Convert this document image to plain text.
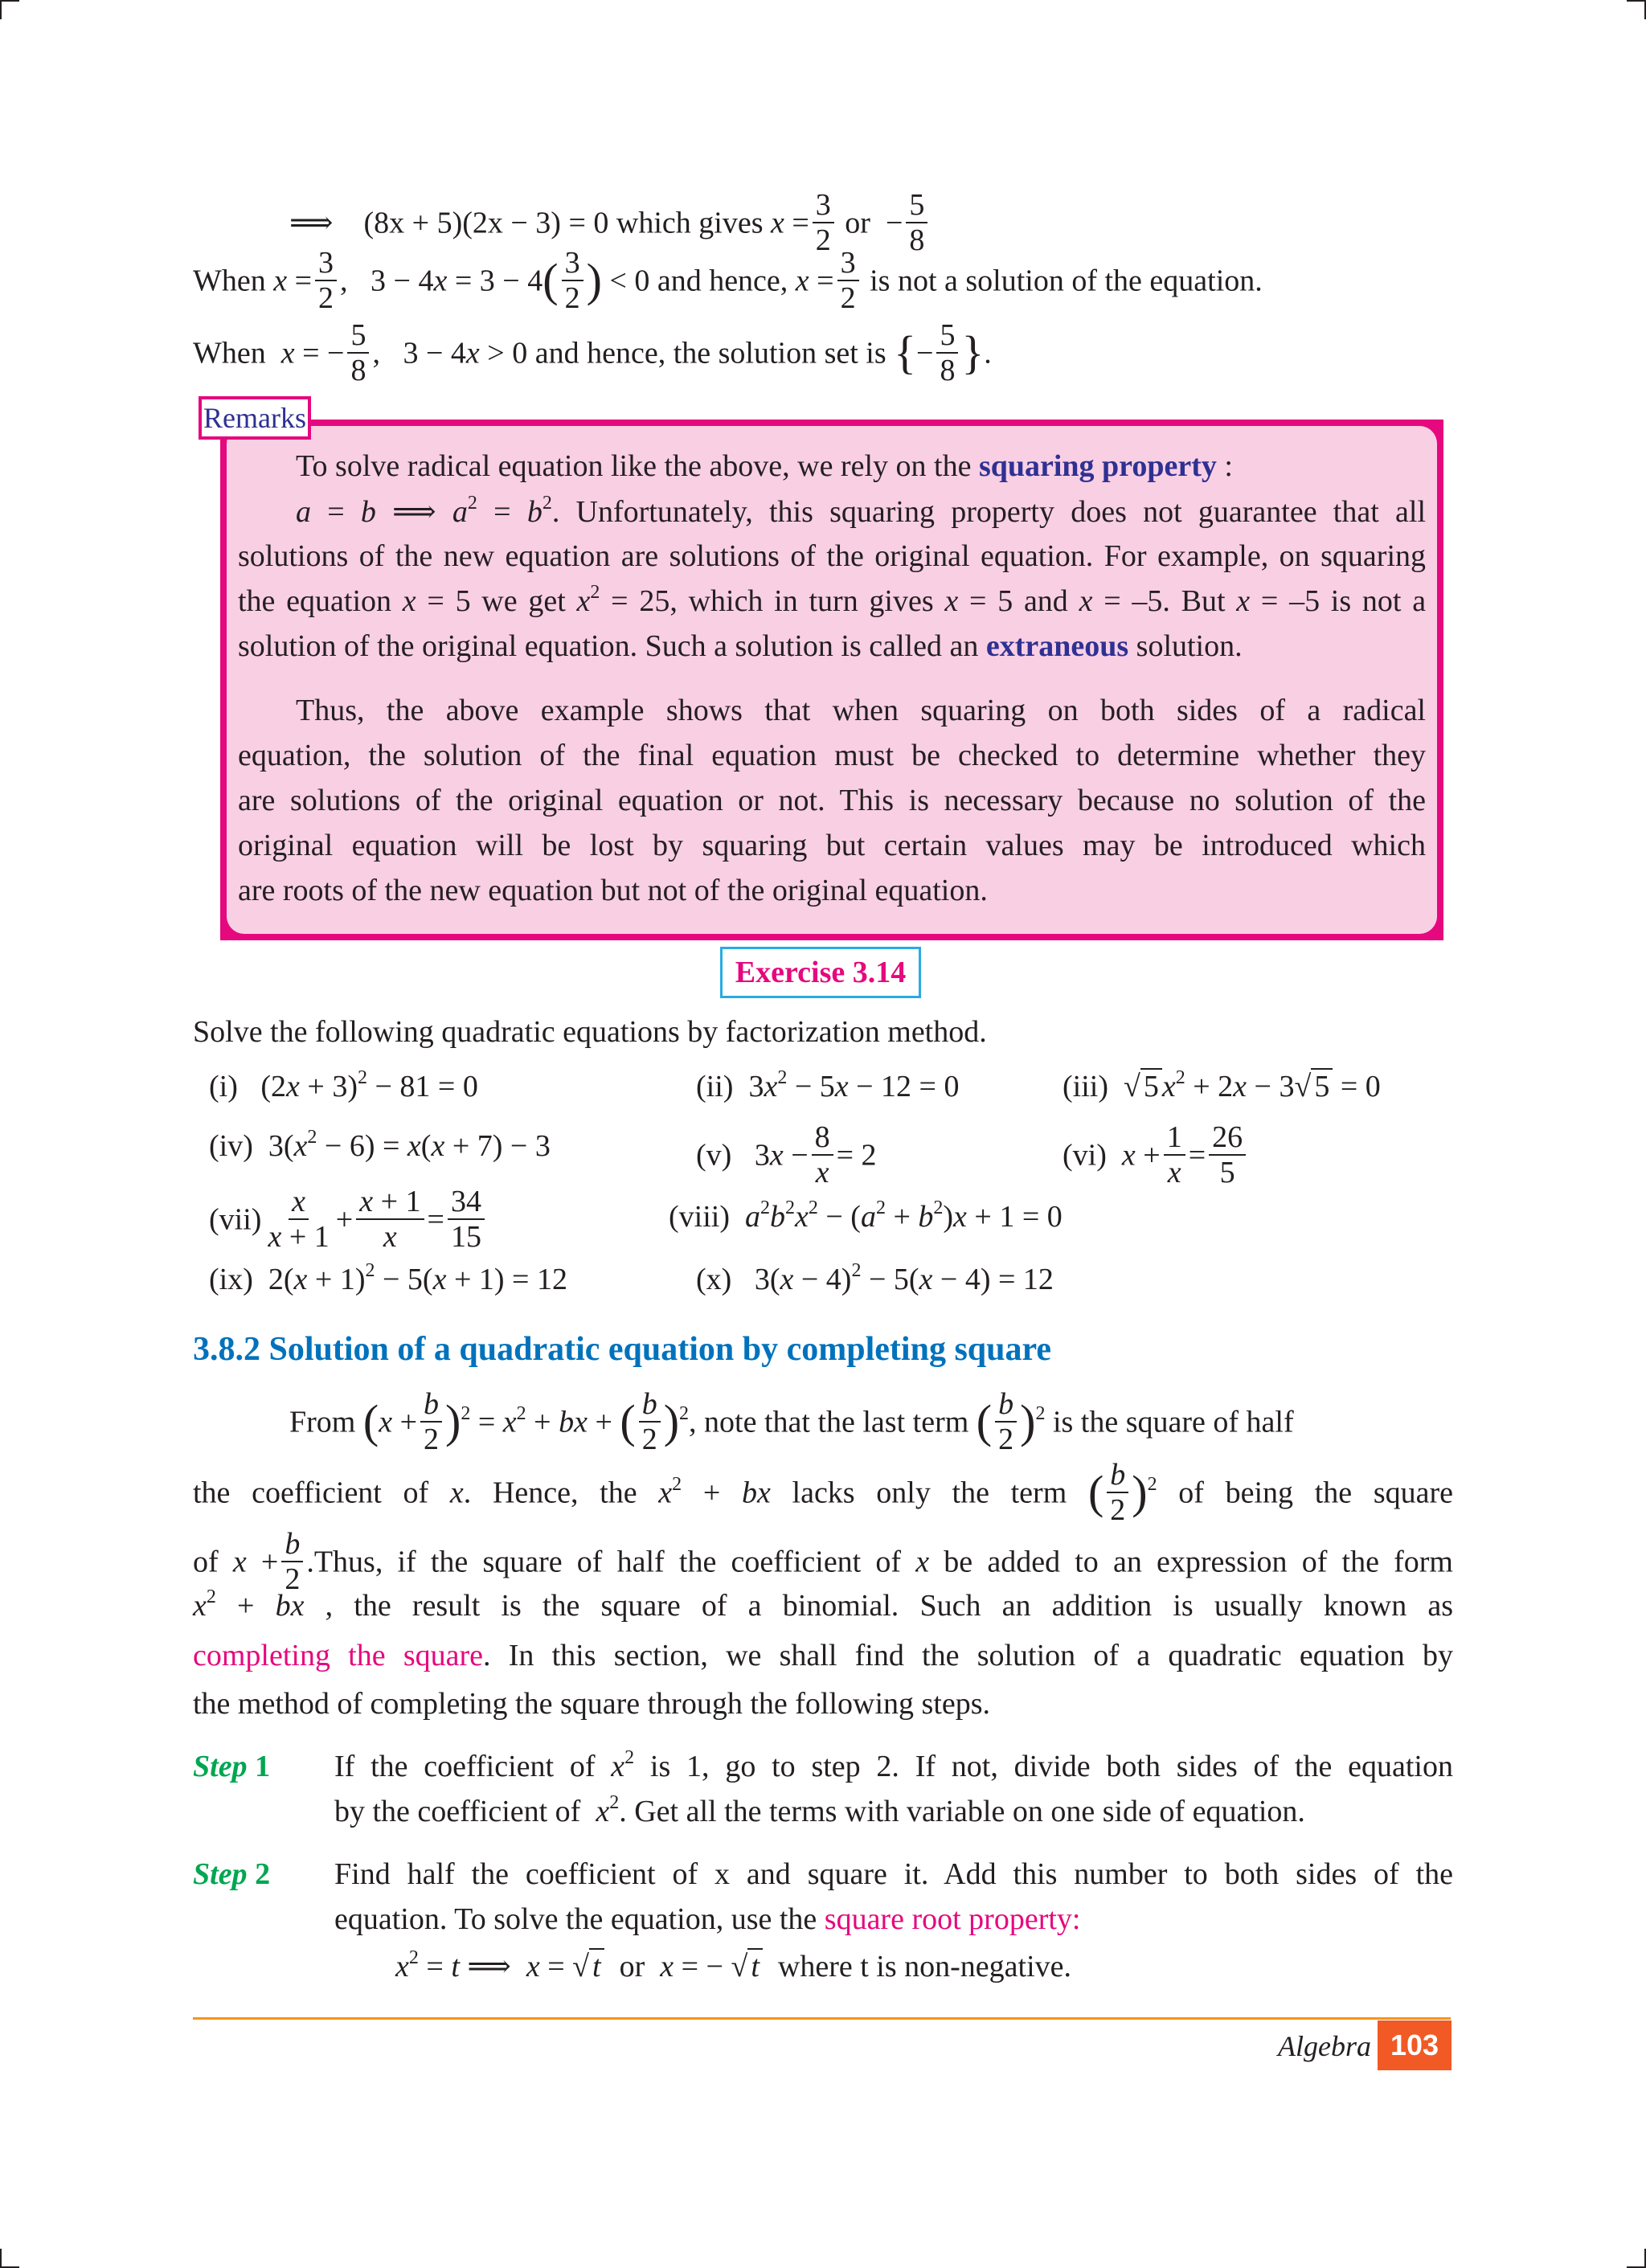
⟹ (8x + 5)(2x − 3) = 0 which gives $x = \frac{3}{2}$ or  − $\frac{5}{8}$
When $x = \frac{3}{2}$ ,   $3 - 4x = 3 - 4( \frac{3}{2}$ ) < 0 and hence, $x = \frac{3}{2}$ is not a solution of the equation.
When x = − $\frac{5}{8}$ ,   3 − 4x > 0 and hence, the solution set is {− $\frac{5}{8}$ }.
Remarks
To solve radical equation like the above, we rely on the squaring property :
a = b ⟹ $a^2 = b^2$. Unfortunately, this squaring property does not guarantee that all
solutions of the new equation are solutions of the original equation. For example, on squaring
the equation x = 5 we get $x^2 = 25$, which in turn gives x = 5 and x = –5. But x = –5 is not a
solution of the original equation. Such a solution is called an extraneous solution.
Thus, the above example shows that when squaring on both sides of a radical
equation, the solution of the final equation must be checked to determine whether they
are solutions of the original equation or not. This is necessary because no solution of the
original equation will be lost by squaring but certain values may be introduced which
are roots of the new equation but not of the original equation.
Exercise 3.14
Solve the following quadratic equations by factorization method.
(i)   $(2x + 3)^2 - 81 = 0$	(ii)  $3x^2 - 5x - 12 = 0$	(iii) √ 5 $x^2 + 2x - 3√$ 5 = 0
(iv)  $3(x^2 - 6) = x(x + 7) - 3$	(v)   $3x - \frac{8}{x} = 2$	(vi) $x + \frac{1}{x} = \frac{26}{5}$
$(vii) \frac{x}{x + 1} + \frac{x + 1}{x} = \frac{34}{15}$	(viii) $a^2b^2x^2 - (a^2 + b^2)x + 1 = 0$
(ix)  $2(x + 1)^2 - 5(x + 1) = 12$	(x)   $3(x - 4)^2 - 5(x - 4) = 12$
3.8.2 Solution of a quadratic equation by completing square
From $(x + \frac{b}{2} )^2 = x^2$ + bx + ( $\frac{b}{2} )^2$, note that the last term ( $\frac{b}{2} )^2$ is the square of half
the coefficient of x. Hence, the $x^2$ + bx lacks only the term ( $\frac{b}{2} )^2$ of being the square
of $x + \frac{b}{2}$ .Thus, if the square of half the coefficient of x be added to an expression of the form
$x^2$ + bx , the result is the square of a binomial. Such an addition is usually known as
completing the square. In this section, we shall find the solution of a quadratic equation by
the method of completing the square through the following steps.
Step 1 If the coefficient of $x^2$ is 1, go to step 2. If not, divide both sides of the equation
by the coefficient of $x^2$. Get all the terms with variable on one side of equation.
Step 2 Find half the coefficient of x and square it. Add this number to both sides of the
equation. To solve the equation, use the square root property:
$x^2 = t$ ⟹  x = √ t or x = − √ t where t is non-negative.
Algebra 103
